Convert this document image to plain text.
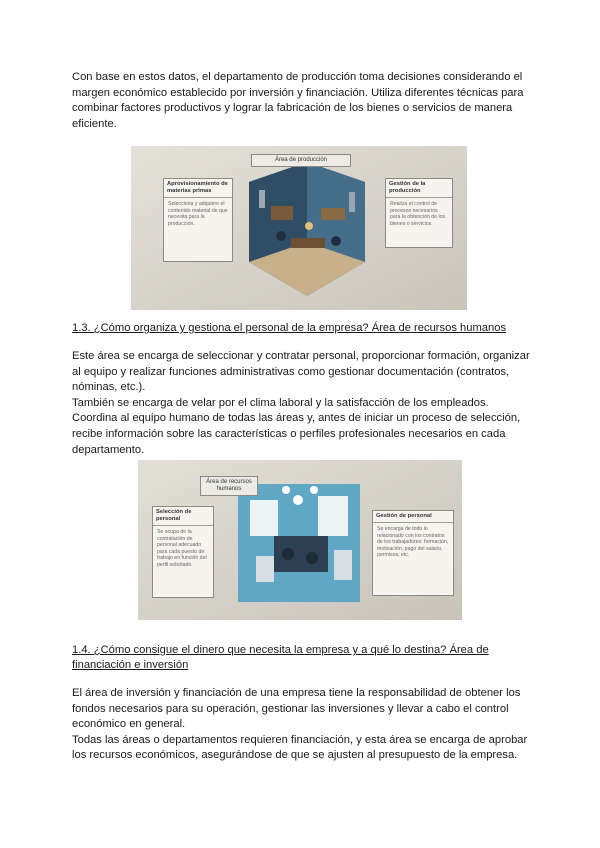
Con base en estos datos, el departamento de producción toma decisiones considerando el

margen económico establecido por inversión y financiación. Utiliza diferentes técnicas para

combinar factores productivos y lograr la fabricación de los bienes o servicios de manera

eficiente.

Área de producción
Aprovisionamiento de materias primas
Selecciona y adquiere el contenido material de que necesita para la producción.
Gestión de la producción
Realiza el control de procesos necesarios para la obtención de los bienes o servicios.
1.3. ¿Cómo organiza y gestiona el personal de la empresa? Área de recursos humanos

Este área se encarga de seleccionar y contratar personal, proporcionar formación, organizar

al equipo y realizar funciones administrativas como gestionar documentación (contratos,

nóminas, etc.).

También se encarga de velar por el clima laboral y la satisfacción de los empleados.

Coordina al equipo humano de todas las áreas y, antes de iniciar un proceso de selección,

recibe información sobre las características o perfiles profesionales necesarios en cada

departamento.

Área de recursos humanos
Selección de personal
Se ocupa de la contratación de personal adecuado para cada puesto de trabajo en función del perfil solicitado.
Gestión de personal
Se encarga de todo lo relacionado con los contratos de los trabajadores: formación, motivación, pago del salario, permisos, etc.
1.4. ¿Cómo consigue el dinero que necesita la empresa y a qué lo destina? Área de
financiación e inversión

El área de inversión y financiación de una empresa tiene la responsabilidad de obtener los

fondos necesarios para su operación, gestionar las inversiones y llevar a cabo el control

económico en general.

Todas las áreas o departamentos requieren financiación, y esta área se encarga de aprobar

los recursos económicos, asegurándose de que se ajusten al presupuesto de la empresa.
